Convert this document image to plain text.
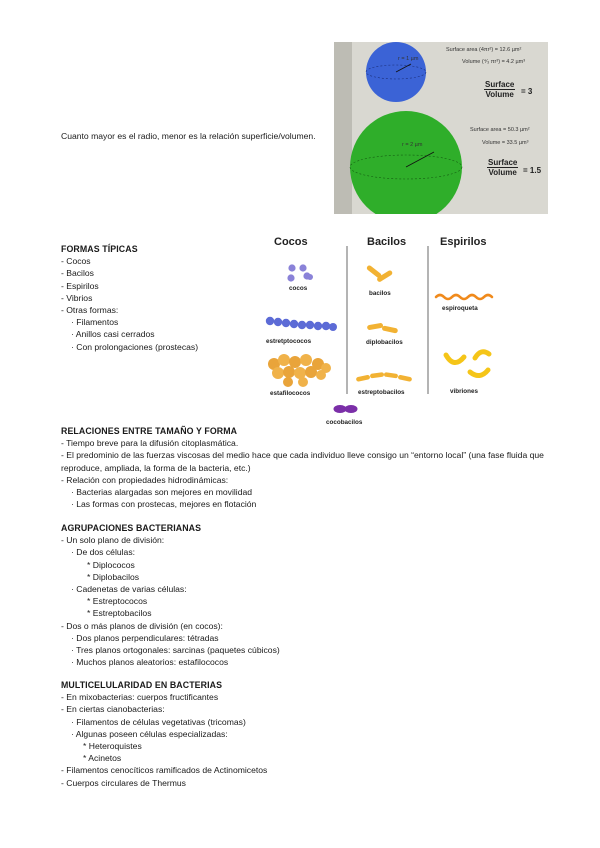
Cuanto mayor es el radio, menor es la relación superficie/volumen.
r = 1 µm
Surface area (4πr²) = 12.6 µm²
Volume (⁴⁄₃ πr³) = 4.2 µm³
Surface
Volume = 3
r = 2 µm
Surface area = 50.3 µm²
Volume = 33.5 µm³
Surface
Volume = 1.5
FORMAS TÍPICAS
- Cocos
- Bacilos
- Espirilos
- Vibrios
- Otras formas:
· Filamentos
· Anillos casi cerrados
· Con prolongaciones (prostecas)
Cocos	Bacilos	Espirilos
cocos
estretptococos
estafilococos
bacilos
diplobacilos
estreptobacilos
cocobacilos
espiroqueta
vibriones
RELACIONES ENTRE TAMAÑO Y FORMA
- Tiempo breve para la difusión citoplasmática.
- El predominio de las fuerzas viscosas del medio hace que cada individuo lleve consigo un “entorno local” (una fase fluida que
reproduce, ampliada, la forma de la bacteria, etc.)
- Relación con propiedades hidrodinámicas:
· Bacterias alargadas son mejores en movilidad
· Las formas con prostecas, mejores en flotación
AGRUPACIONES BACTERIANAS
- Un solo plano de división:
· De dos células:
* Diplococos
* Diplobacilos
· Cadenetas de varias células:
* Estreptococos
* Estreptobacilos
- Dos o más planos de división (en cocos):
· Dos planos perpendiculares: tétradas
· Tres planos ortogonales: sarcinas (paquetes cúbicos)
· Muchos planos aleatorios: estafilococos
MULTICELULARIDAD EN BACTERIAS
- En mixobacterias: cuerpos fructificantes
- En ciertas cianobacterias:
· Filamentos de células vegetativas (tricomas)
· Algunas poseen células especializadas:
* Heteroquistes
* Acinetos
- Filamentos cenocíticos ramificados de Actinomicetos
- Cuerpos circulares de Thermus
